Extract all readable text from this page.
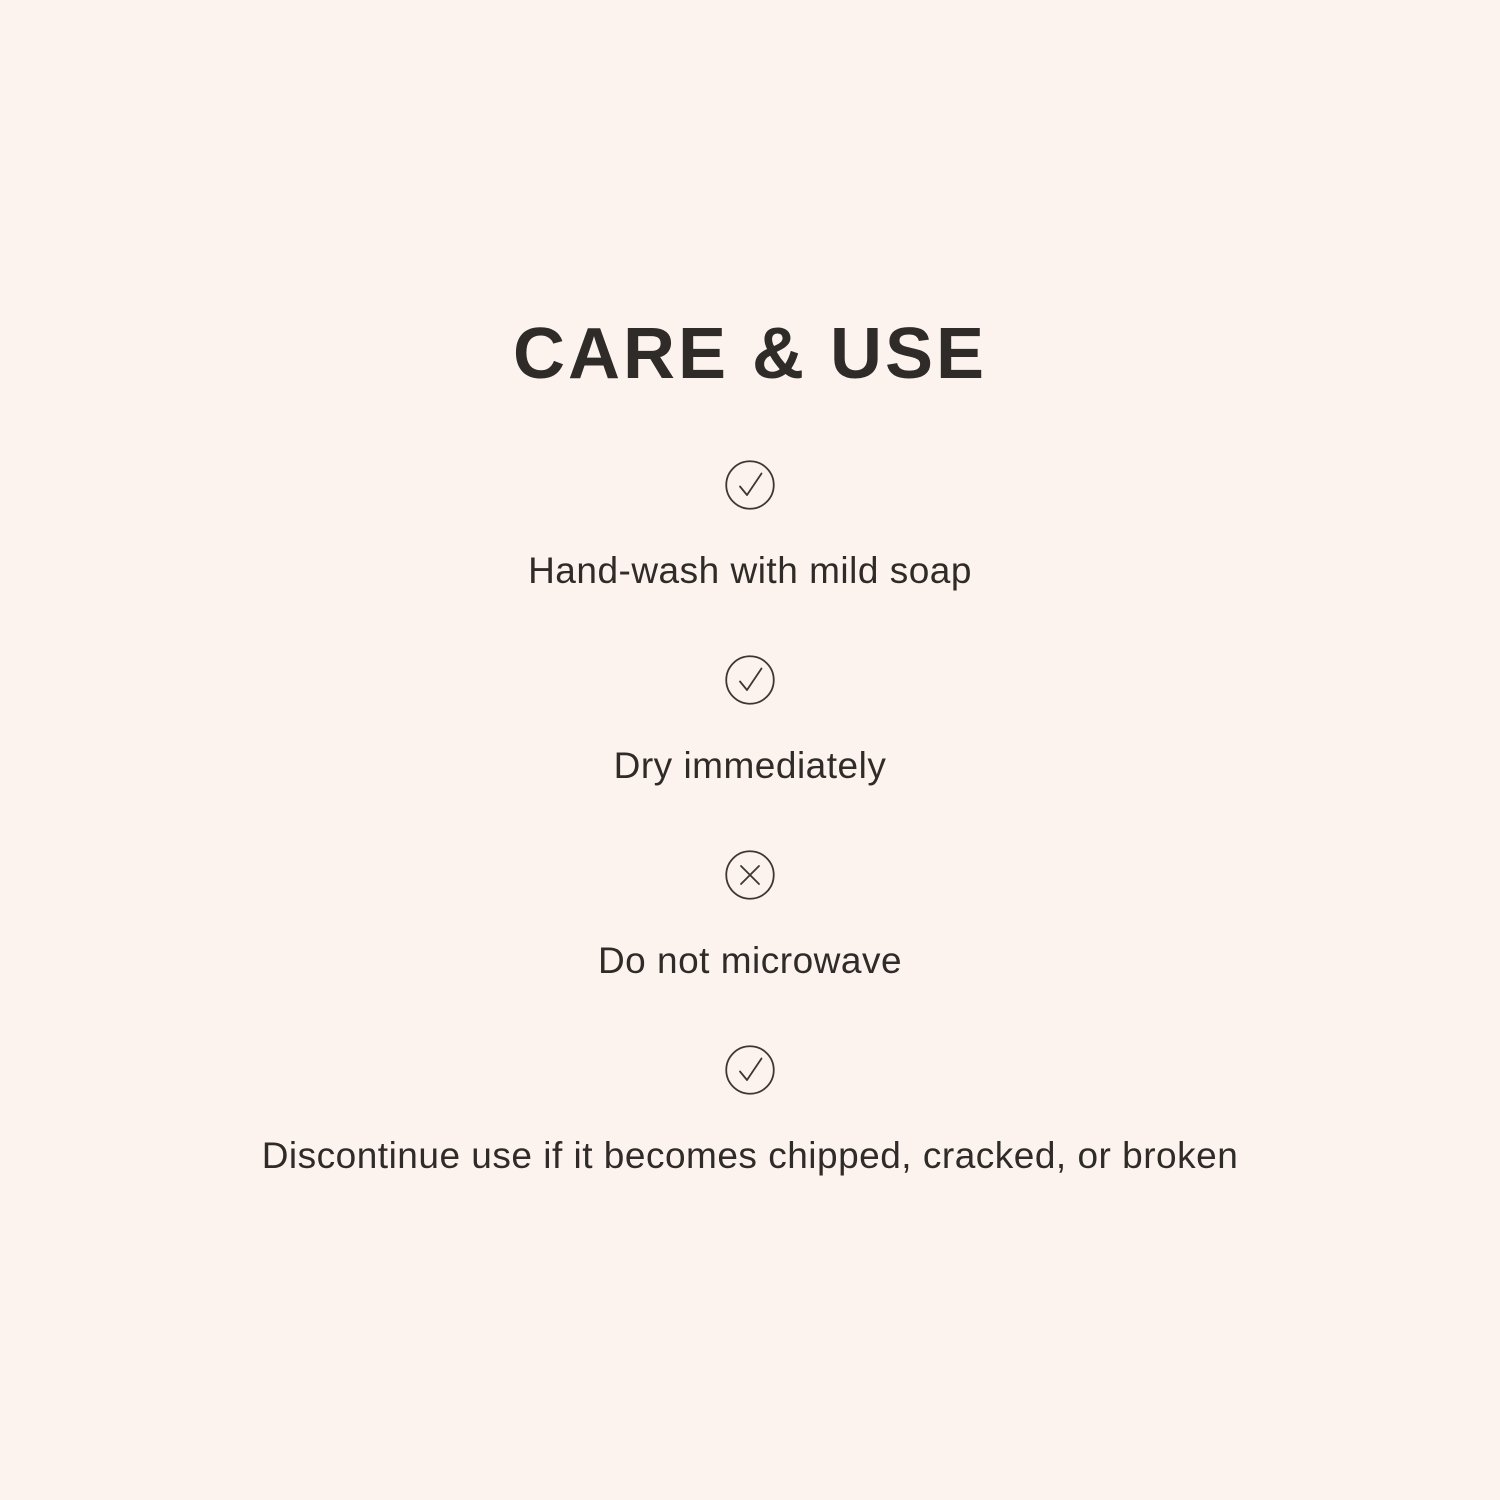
CARE & USE
Hand-wash with mild soap
Dry immediately
Do not microwave
Discontinue use if it becomes chipped, cracked, or broken
